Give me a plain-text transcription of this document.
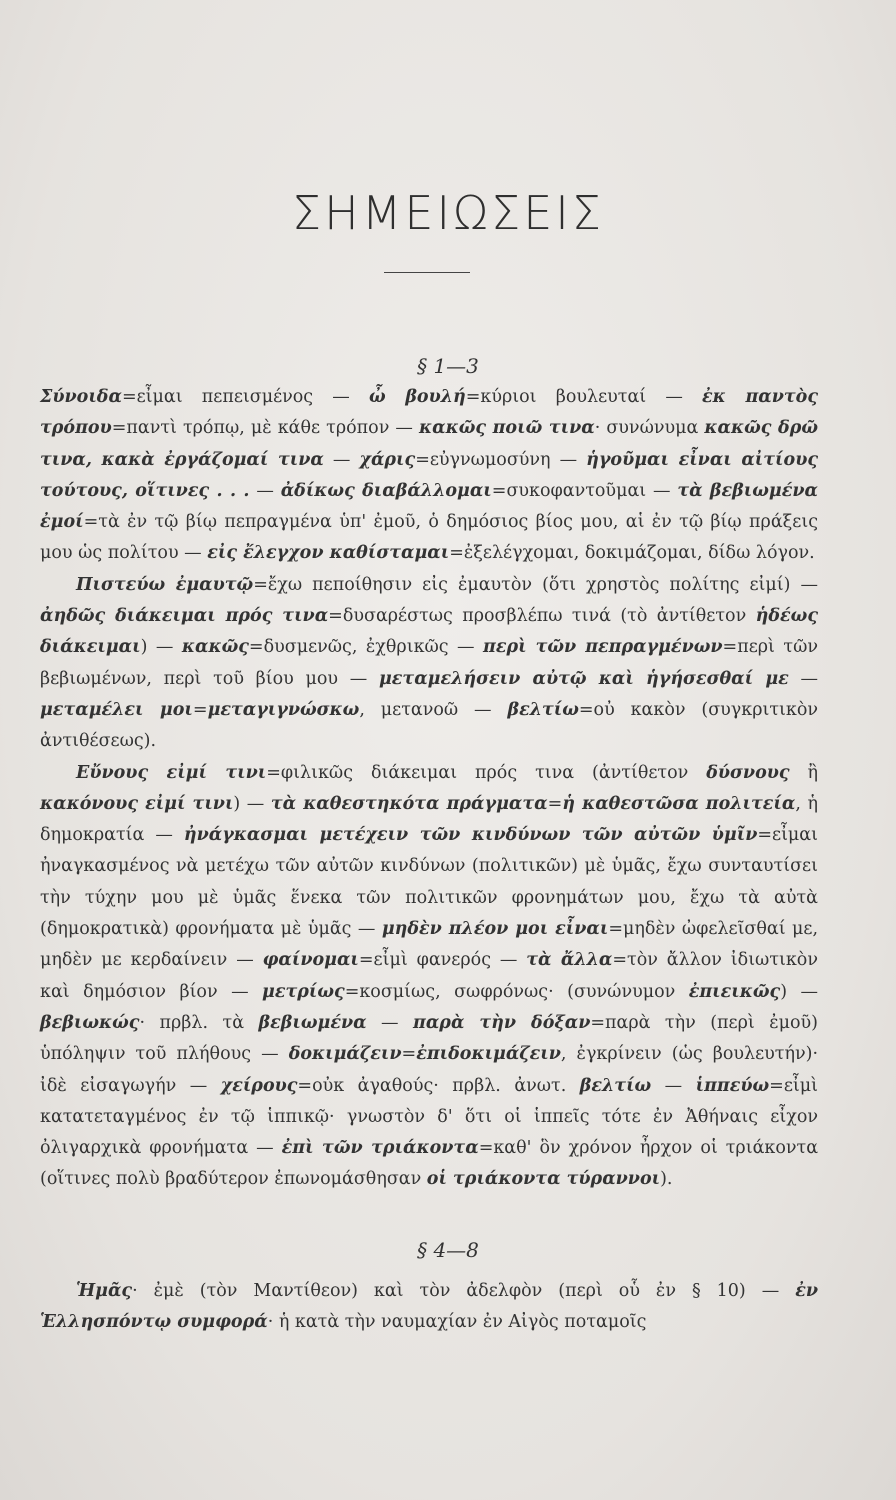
ΣΗΜΕΙΩΣΕΙΣ
§ 1—3

Σύνοιδα=εἶμαι πεπεισμένος — ὦ βουλή=κύριοι βουλευταί — ἐκ παντὸς τρόπου=παντὶ τρόπῳ, μὲ κάθε τρόπον — κακῶς ποιῶ τινα· συνώνυμα κακῶς δρῶ τινα, κακὰ ἐργάζομαί τινα — χάρις=εὐγνωμοσύνη — ἡγοῦμαι εἶναι αἰτίους τούτους, οἵτινες . . . — ἀδίκως διαβάλλομαι=συκοφαντοῦμαι — τὰ βεβιωμένα ἐμοί=τὰ ἐν τῷ βίῳ πεπραγμένα ὑπ' ἐμοῦ, ὁ δημόσιος βίος μου, αἱ ἐν τῷ βίῳ πράξεις μου ὡς πολίτου — εἰς ἔλεγχον καθίσταμαι=ἐξελέγχομαι, δοκιμάζομαι, δίδω λόγον.

Πιστεύω ἐμαυτῷ=ἔχω πεποίθησιν εἰς ἐμαυτὸν (ὅτι χρηστὸς πολίτης εἰμί) — ἀηδῶς διάκειμαι πρός τινα=δυσαρέστως προσβλέπω τινά (τὸ ἀντίθετον ἡδέως διάκειμαι) — κακῶς=δυσμενῶς, ἐχθρικῶς — περὶ τῶν πεπραγμένων=περὶ τῶν βεβιωμένων, περὶ τοῦ βίου μου — μεταμελήσειν αὐτῷ καὶ ἡγήσεσθαί με — μεταμέλει μοι=μεταγιγνώσκω, μετανοῶ — βελτίω=οὐ κακὸν (συγκριτικὸν ἀντιθέσεως).

Εὔνους εἰμί τινι=φιλικῶς διάκειμαι πρός τινα (ἀντίθετον δύσνους ἢ κακόνους εἰμί τινι) — τὰ καθεστηκότα πράγματα=ἡ καθεστῶσα πολιτεία, ἡ δημοκρατία — ἠνάγκασμαι μετέχειν τῶν κινδύνων τῶν αὐτῶν ὑμῖν=εἶμαι ἠναγκασμένος νὰ μετέχω τῶν αὐτῶν κινδύνων (πολιτικῶν) μὲ ὑμᾶς, ἔχω συνταυτίσει τὴν τύχην μου μὲ ὑμᾶς ἕνεκα τῶν πολιτικῶν φρονημάτων μου, ἔχω τὰ αὐτὰ (δημοκρατικὰ) φρονήματα μὲ ὑμᾶς — μηδὲν πλέον μοι εἶναι=μηδὲν ὠφελεῖσθαί με, μηδὲν με κερδαίνειν — φαίνομαι=εἶμὶ φανερός — τὰ ἄλλα=τὸν ἄλλον ἰδιωτικὸν καὶ δημόσιον βίον — μετρίως=κοσμίως, σωφρόνως· (συνώνυμον ἐπιεικῶς) — βεβιωκώς· πρβλ. τὰ βεβιωμένα — παρὰ τὴν δόξαν=παρὰ τὴν (περὶ ἐμοῦ) ὑπόληψιν τοῦ πλήθους — δοκιμάζειν=ἐπιδοκιμάζειν, ἐγκρίνειν (ὡς βουλευτήν)· ἰδὲ εἰσαγωγήν — χείρους=οὐκ ἀγαθούς· πρβλ. ἀνωτ. βελτίω — ἱππεύω=εἶμὶ κατατεταγμένος ἐν τῷ ἱππικῷ· γνωστὸν δ' ὅτι οἱ ἱππεῖς τότε ἐν Ἀθήναις εἶχον ὀλιγαρχικὰ φρονήματα — ἐπὶ τῶν τριάκοντα=καθ' ὃν χρόνον ἦρχον οἱ τριάκοντα (οἵτινες πολὺ βραδύτερον ἐπωνομάσθησαν οἱ τριάκοντα τύραννοι).

§ 4—8

Ἡμᾶς· ἐμὲ (τὸν Μαντίθεον) καὶ τὸν ἀδελφὸν (περὶ οὗ ἐν § 10) — ἐν Ἑλλησπόντῳ συμφορά· ἡ κατὰ τὴν ναυμαχίαν ἐν Αἰγὸς ποταμοῖς
